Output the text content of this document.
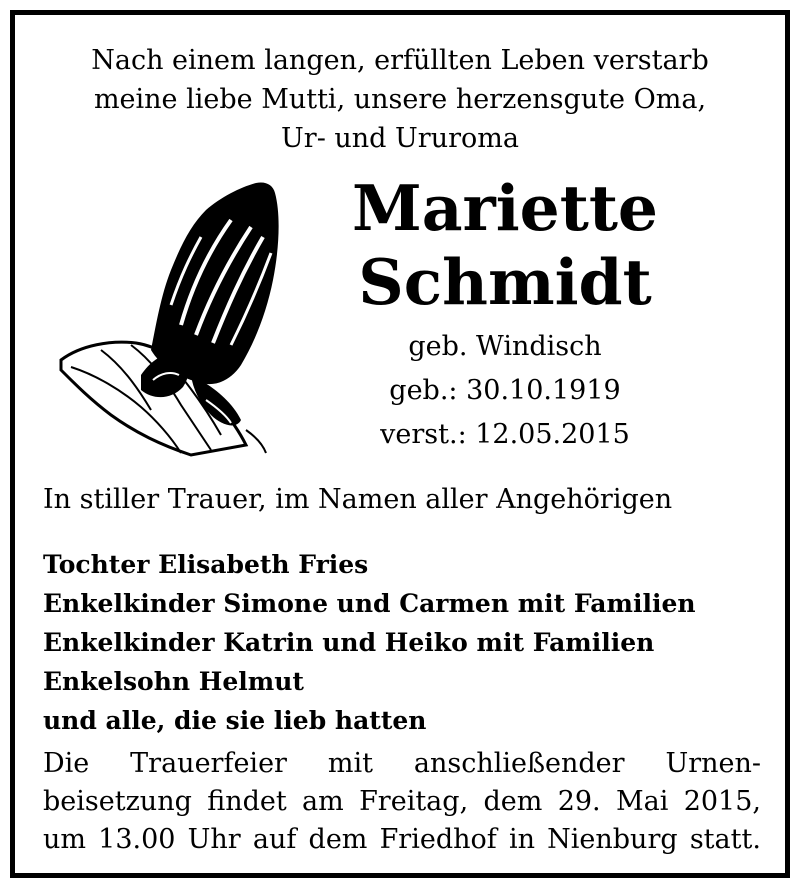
Nach einem langen, erfüllten Leben verstarb
meine liebe Mutti, unsere herzensgute Oma,
Ur- und Ururoma
Mariette
Schmidt
geb. Windisch
geb.: 30.10.1919
verst.: 12.05.2015
In stiller Trauer, im Namen aller Angehörigen
Tochter Elisabeth Fries
Enkelkinder Simone und Carmen mit Familien
Enkelkinder Katrin und Heiko mit Familien
Enkelsohn Helmut
und alle, die sie lieb hatten
Die Trauerfeier mit anschließender Urnen-
beisetzung findet am Freitag, dem 29. Mai 2015,
um 13.00 Uhr auf dem Friedhof in Nienburg statt.
